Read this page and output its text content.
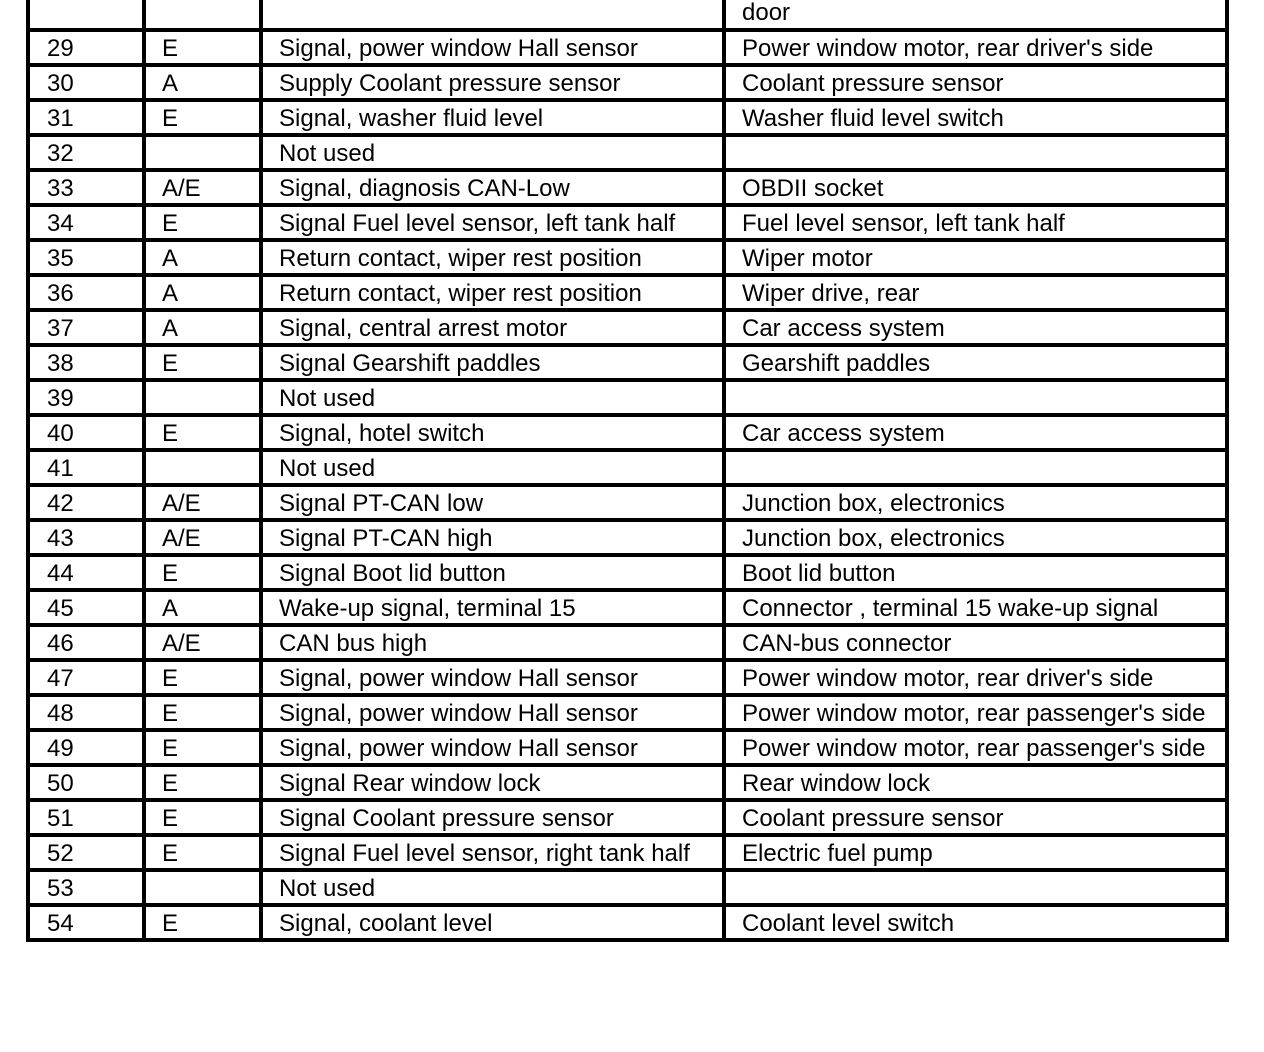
			door
29	E	Signal, power window Hall sensor	Power window motor, rear driver's side
30	A	Supply Coolant pressure sensor	Coolant pressure sensor
31	E	Signal, washer fluid level	Washer fluid level switch
32		Not used	
33	A/E	Signal, diagnosis CAN-Low	OBDII socket
34	E	Signal Fuel level sensor, left tank half	Fuel level sensor, left tank half
35	A	Return contact, wiper rest position	Wiper motor
36	A	Return contact, wiper rest position	Wiper drive, rear
37	A	Signal, central arrest motor	Car access system
38	E	Signal Gearshift paddles	Gearshift paddles
39		Not used	
40	E	Signal, hotel switch	Car access system
41		Not used	
42	A/E	Signal PT-CAN low	Junction box, electronics
43	A/E	Signal PT-CAN high	Junction box, electronics
44	E	Signal Boot lid button	Boot lid button
45	A	Wake-up signal, terminal 15	Connector , terminal 15 wake-up signal
46	A/E	CAN bus high	CAN-bus connector
47	E	Signal, power window Hall sensor	Power window motor, rear driver's side
48	E	Signal, power window Hall sensor	Power window motor, rear passenger's side
49	E	Signal, power window Hall sensor	Power window motor, rear passenger's side
50	E	Signal Rear window lock	Rear window lock
51	E	Signal Coolant pressure sensor	Coolant pressure sensor
52	E	Signal Fuel level sensor, right tank half	Electric fuel pump
53		Not used	
54	E	Signal, coolant level	Coolant level switch
